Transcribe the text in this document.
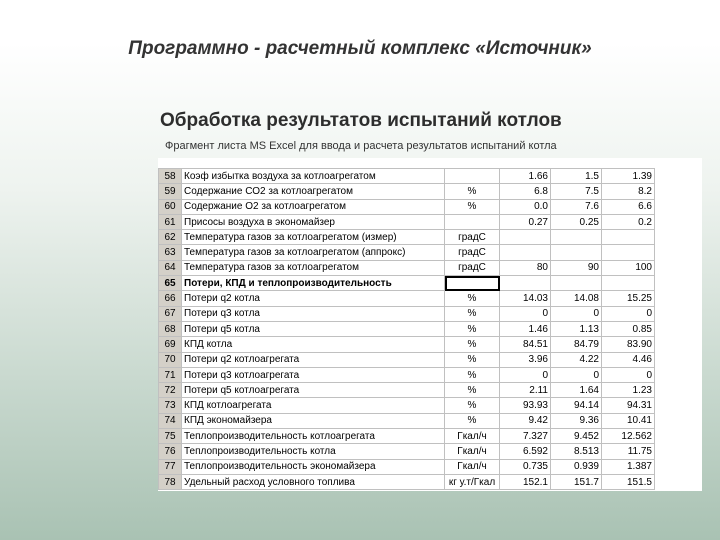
Программно - расчетный комплекс «Источник»
Обработка результатов испытаний котлов
Фрагмент листа MS Excel для ввода и расчета результатов испытаний котла
58	Коэф избытка воздуха за котлоагрегатом		1.66	1.5	1.39
59	Содержание СО2 за котлоагрегатом	%	6.8	7.5	8.2
60	Содержание О2 за котлоагрегатом	%	0.0	7.6	6.6
61	Присосы воздуха в экономайзер		0.27	0.25	0.2
62	Температура газов за котлоагрегатом (измер)	градС			
63	Температура газов за котлоагрегатом (аппрокс)	градС			
64	Температура газов за котлоагрегатом	градС	80	90	100
65	Потери, КПД и теплопроизводительность				
66	Потери q2 котла	%	14.03	14.08	15.25
67	Потери q3 котла	%	0	0	0
68	Потери q5 котла	%	1.46	1.13	0.85
69	КПД котла	%	84.51	84.79	83.90
70	Потери q2 котлоагрегата	%	3.96	4.22	4.46
71	Потери q3 котлоагрегата	%	0	0	0
72	Потери q5 котлоагрегата	%	2.11	1.64	1.23
73	КПД котлоагрегата	%	93.93	94.14	94.31
74	КПД экономайзера	%	9.42	9.36	10.41
75	Теплопроизводительность котлоагрегата	Гкал/ч	7.327	9.452	12.562
76	Теплопроизводительность котла	Гкал/ч	6.592	8.513	11.75
77	Теплопроизводительность экономайзера	Гкал/ч	0.735	0.939	1.387
78	Удельный расход условного топлива	кг у.т/Гкал	152.1	151.7	151.5
